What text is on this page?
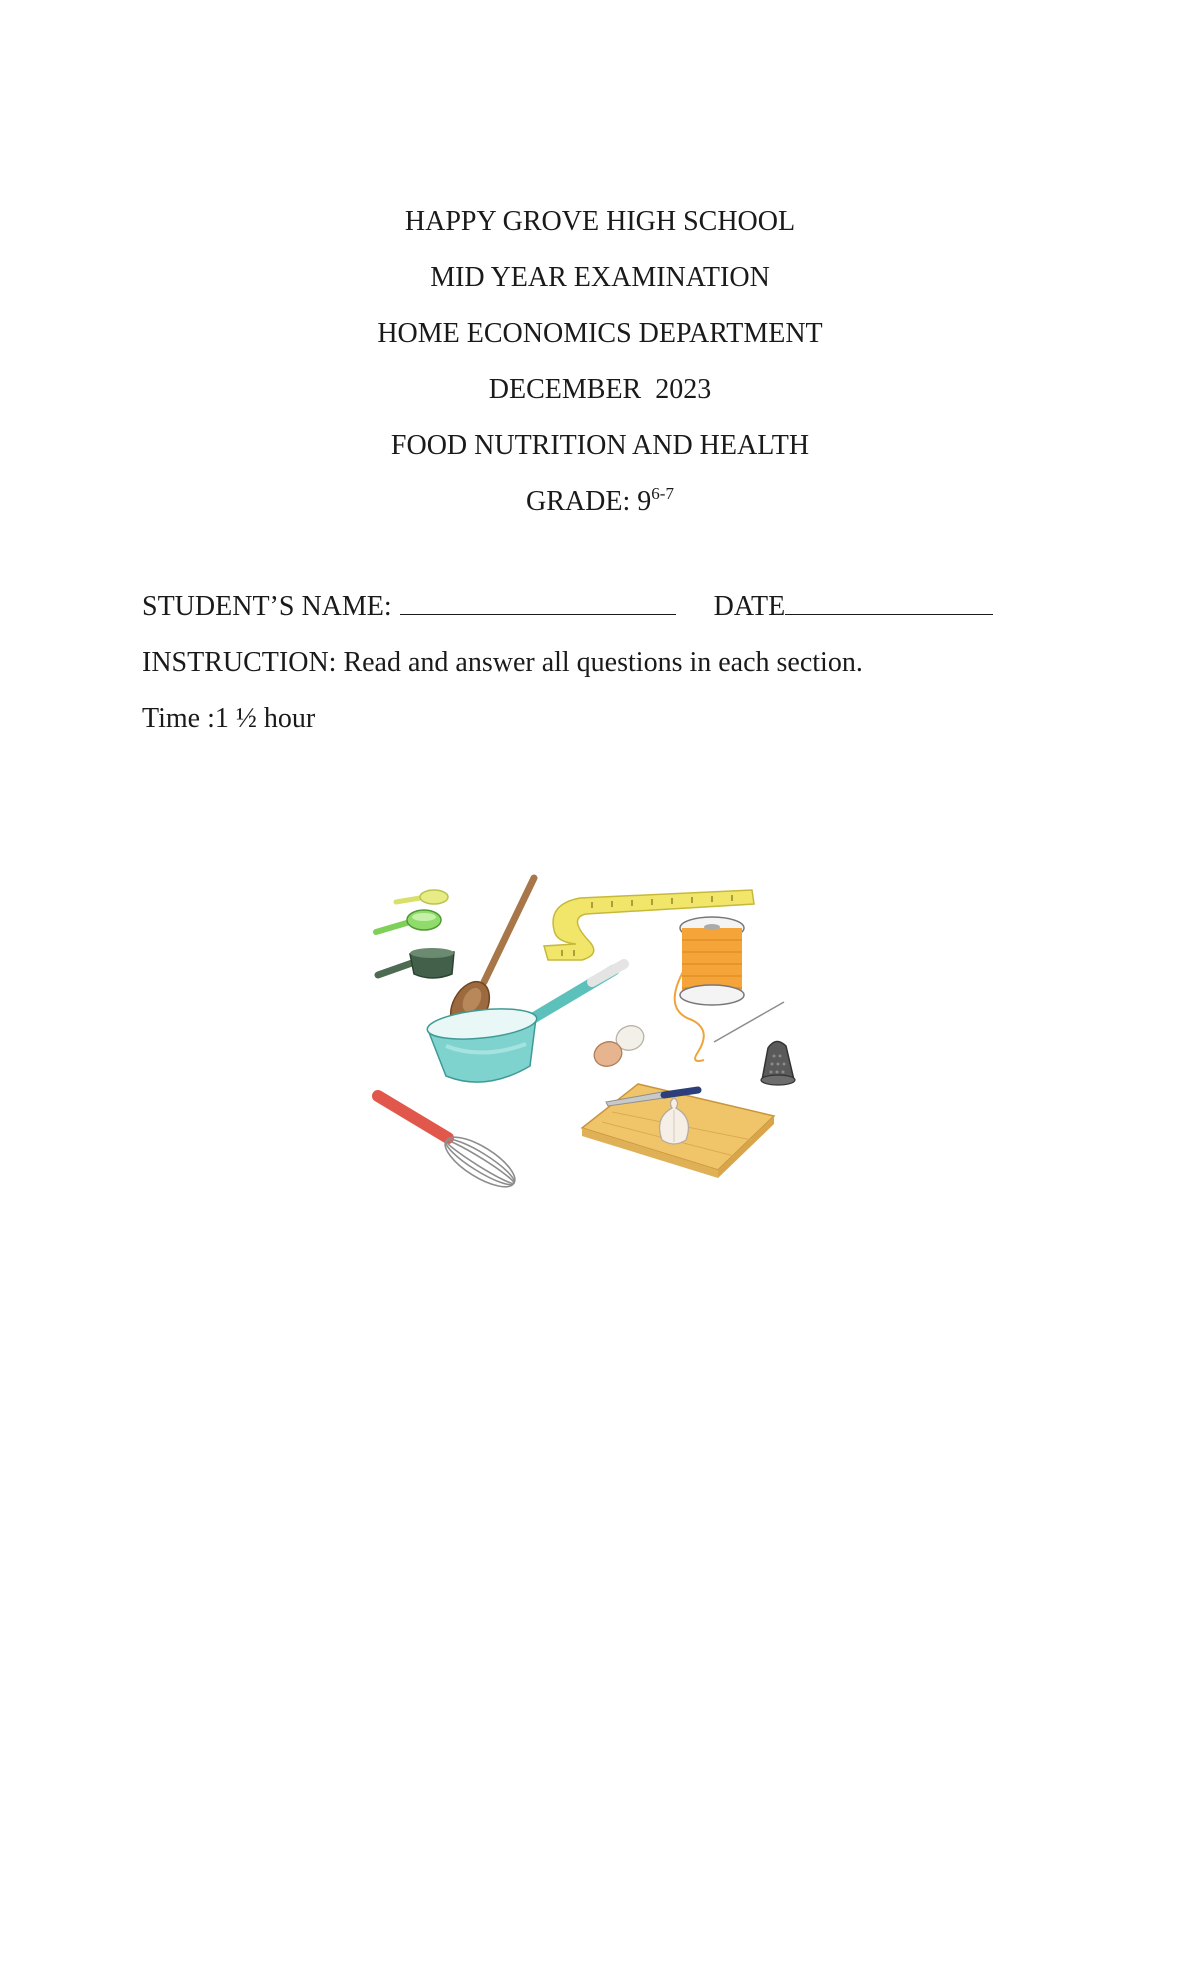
HAPPY GROVE HIGH SCHOOL

MID YEAR EXAMINATION

HOME ECONOMICS DEPARTMENT

DECEMBER  2023

FOOD NUTRITION AND HEALTH

GRADE: 9$^{6-7}$

STUDENT’S NAME:	DATE
INSTRUCTION: Read and answer all questions in each section.
Time :1 ½ hour
